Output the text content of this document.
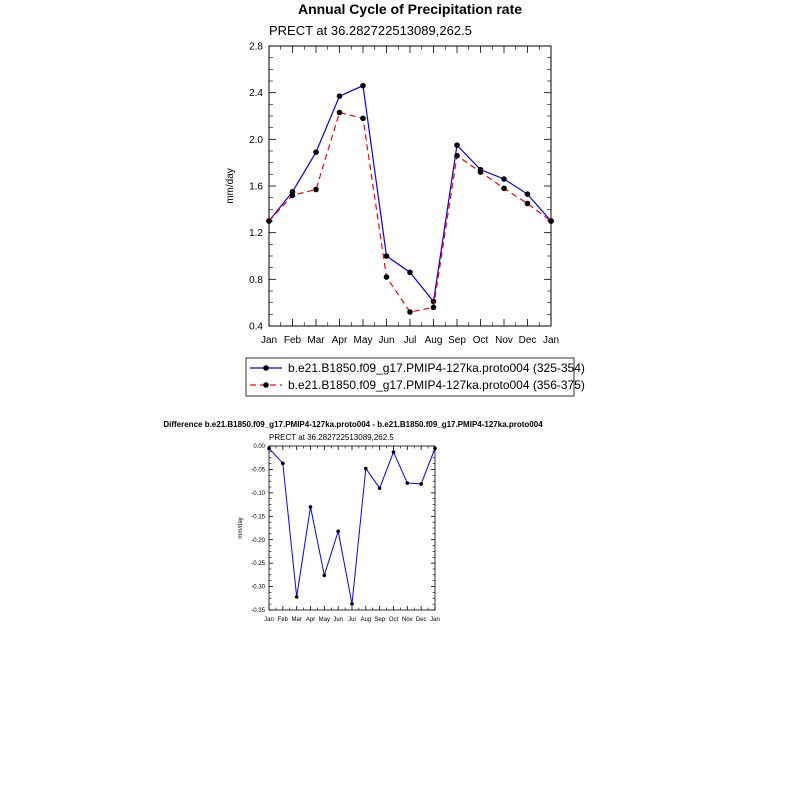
Annual Cycle of Precipitation rate
PRECT at 36.282722513089,262.5
0.4
0.8
1.2
1.6
2.0
2.4
2.8
Jan Feb Mar Apr May Jun Jul Aug Sep Oct Nov Dec Jan
mm/day
b.e21.B1850.f09_g17.PMIP4-127ka.proto004 (325-354)
b.e21.B1850.f09_g17.PMIP4-127ka.proto004 (356-375)
Difference b.e21.B1850.f09_g17.PMIP4-127ka.proto004 - b.e21.B1850.f09_g17.PMIP4-127ka.proto004
PRECT at 36.282722513089,262.5
-0.35
-0.30
-0.25
-0.20
-0.15
-0.10
-0.05
0.00
Jan Feb Mar Apr May Jun Jul Aug Sep Oct Nov Dec Jan
mm/day
